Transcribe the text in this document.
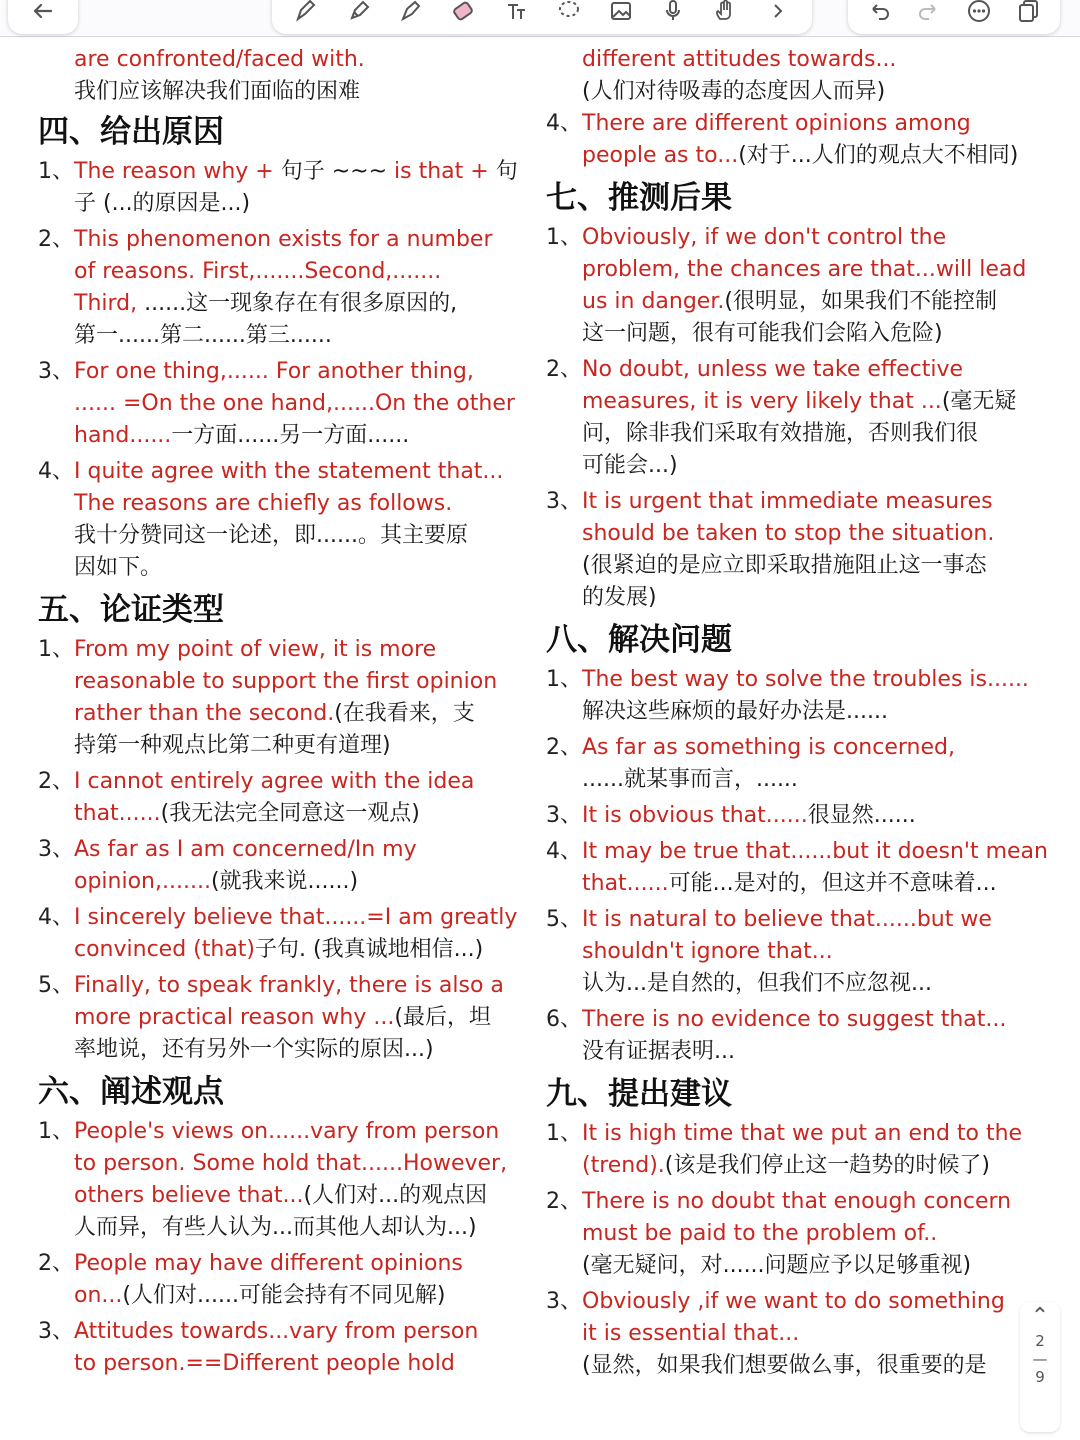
are confronted/faced with.
我们应该解决我们面临的困难
四、给出原因
1、 The reason why + 句子 ~~~ is that + 句
子 (...的原因是...)
2、 This phenomenon exists for a number
of reasons. First,.......Second,.......
Third, ......这一现象存在有很多原因的,
第一......第二......第三......
3、 For one thing,...... For another thing,
...... =On the one hand,......On the other
hand......一方面......另一方面......
4、 I quite agree with the statement that...
The reasons are chiefly as follows.
我十分赞同这一论述，即......。其主要原
因如下。
五、论证类型
1、 From my point of view, it is more
reasonable to support the first opinion
rather than the second.(在我看来，支
持第一种观点比第二种更有道理)
2、 I cannot entirely agree with the idea
that......(我无法完全同意这一观点)
3、 As far as I am concerned/In my
opinion,.......(就我来说......)
4、 I sincerely believe that......=I am greatly
convinced (that)子句. (我真诚地相信...)
5、 Finally, to speak frankly, there is also a
more practical reason why ...(最后，坦
率地说，还有另外一个实际的原因...)
六、阐述观点
1、 People's views on......vary from person
to person. Some hold that......However,
others believe that...(人们对...的观点因
人而异，有些人认为...而其他人却认为...)
2、 People may have different opinions
on...(人们对......可能会持有不同见解)
3、 Attitudes towards...vary from person
to person.==Different people hold
different attitudes towards...
(人们对待吸毒的态度因人而异)
4、 There are different opinions among
people as to...(对于...人们的观点大不相同)
七、推测后果
1、 Obviously, if we don't control the
problem, the chances are that...will lead
us in danger.(很明显，如果我们不能控制
这一问题，很有可能我们会陷入危险)
2、 No doubt, unless we take effective
measures, it is very likely that ...(毫无疑
问，除非我们采取有效措施，否则我们很
可能会...)
3、 It is urgent that immediate measures
should be taken to stop the situation.
(很紧迫的是应立即采取措施阻止这一事态
的发展)
八、解决问题
1、 The best way to solve the troubles is......
解决这些麻烦的最好办法是......
2、 As far as something is concerned,
......就某事而言，......
3、 It is obvious that......很显然......
4、 It may be true that......but it doesn't mean
that......可能...是对的，但这并不意味着...
5、 It is natural to believe that......but we
shouldn't ignore that...
认为...是自然的，但我们不应忽视...
6、 There is no evidence to suggest that...
没有证据表明...
九、提出建议
1、 It is high time that we put an end to the
(trend).(该是我们停止这一趋势的时候了)
2、 There is no doubt that enough concern
must be paid to the problem of..
(毫无疑问，对......问题应予以足够重视)
3、 Obviously ,if we want to do something
it is essential that...
(显然，如果我们想要做么事，很重要的是
⌃
2
—
9
